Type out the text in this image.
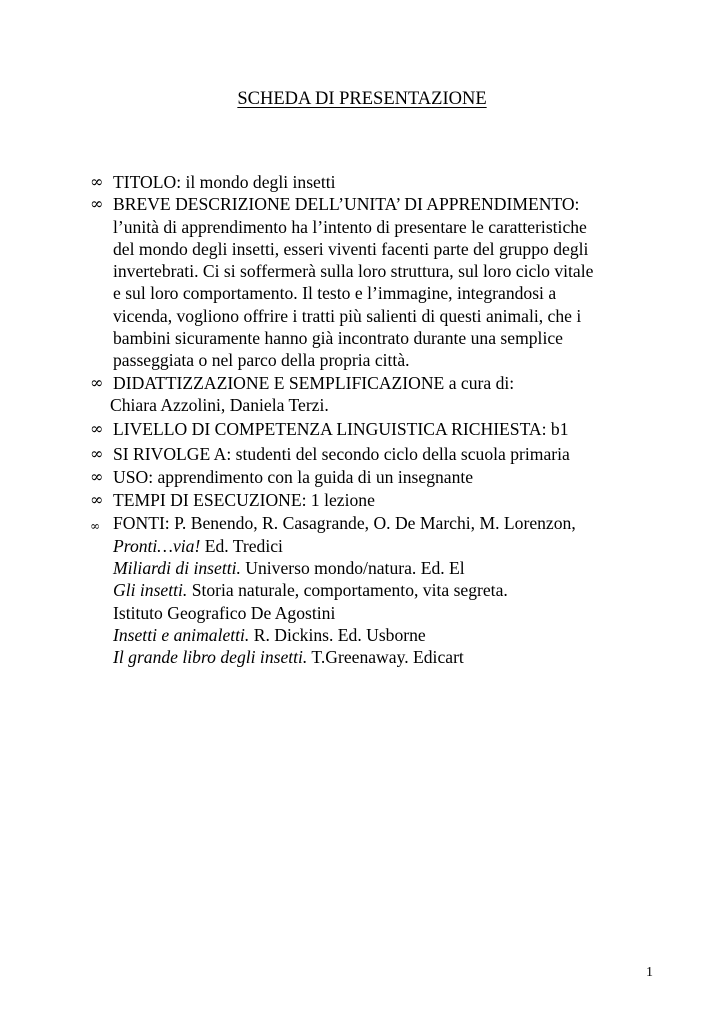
SCHEDA DI PRESENTAZIONE
∞ TITOLO: il mondo degli insetti
∞ BREVE DESCRIZIONE DELL’UNITA’ DI APPRENDIMENTO:
l’unità di apprendimento ha l’intento di presentare le caratteristiche
del mondo degli insetti, esseri viventi facenti parte del gruppo degli
invertebrati. Ci si soffermerà sulla loro struttura, sul loro ciclo vitale
e sul loro comportamento. Il testo e l’immagine, integrandosi a
vicenda, vogliono offrire i tratti più salienti di questi animali, che i
bambini sicuramente hanno già incontrato durante una semplice
passeggiata o nel parco della propria città.
∞ DIDATTIZZAZIONE E SEMPLIFICAZIONE a cura di:
Chiara Azzolini, Daniela Terzi.
∞ LIVELLO DI COMPETENZA LINGUISTICA RICHIESTA: b1
∞ SI RIVOLGE A: studenti del secondo ciclo della scuola primaria
∞ USO: apprendimento con la guida di un insegnante
∞ TEMPI DI ESECUZIONE: 1 lezione
∞ FONTI: P. Benendo, R. Casagrande, O. De Marchi, M. Lorenzon,
Pronti…via! Ed. Tredici
Miliardi di insetti. Universo mondo/natura. Ed. El
Gli insetti. Storia naturale, comportamento, vita segreta.
Istituto Geografico De Agostini
Insetti e animaletti. R. Dickins. Ed. Usborne
Il grande libro degli insetti. T.Greenaway. Edicart
1
